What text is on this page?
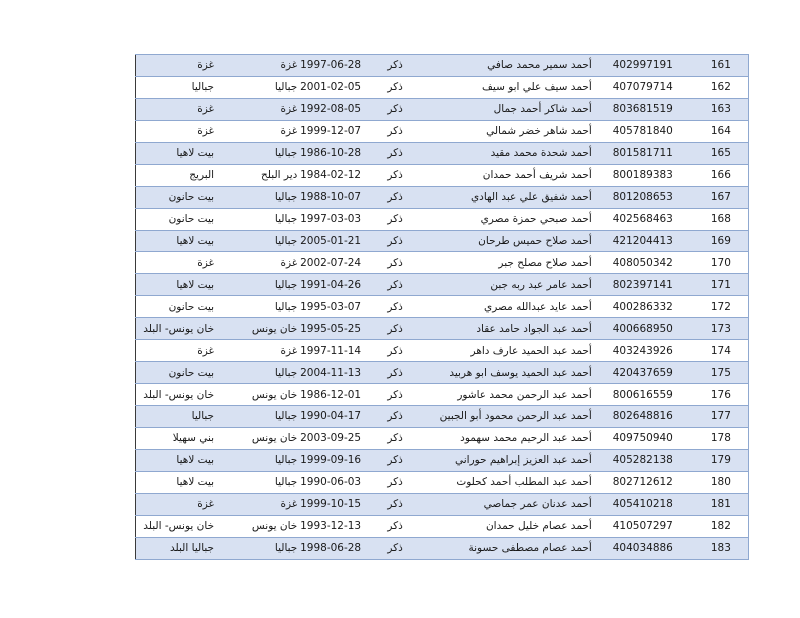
غزة	غزة	1997-06-28	ذكر	أحمد سمير محمد صافي	402997191	161
جباليا	جباليا	2001-02-05	ذكر	أحمد سيف علي ابو سيف	407079714	162
غزة	غزة	1992-08-05	ذكر	أحمد شاكر أحمد جمال	803681519	163
غزة	غزة	1999-12-07	ذكر	أحمد شاهر خضر شمالي	405781840	164
بيت لاهيا	جباليا	1986-10-28	ذكر	أحمد شحدة محمد مقيد	801581711	165
البريج	دير البلح	1984-02-12	ذكر	أحمد شريف أحمد حمدان	800189383	166
بيت حانون	جباليا	1988-10-07	ذكر	أحمد شفيق علي عبد الهادي	801208653	167
بيت حانون	جباليا	1997-03-03	ذكر	أحمد صبحي حمزة مصري	402568463	168
بيت لاهيا	جباليا	2005-01-21	ذكر	أحمد صلاح حميس طرحان	421204413	169
غزة	غزة	2002-07-24	ذكر	أحمد صلاح مصلح جبر	408050342	170
بيت لاهيا	جباليا	1991-04-26	ذكر	أحمد عامر عبد ربه جبن	802397141	171
بيت حانون	جباليا	1995-03-07	ذكر	أحمد عايد عبدالله مصري	400286332	172
خان يونس- البلد	خان يونس	1995-05-25	ذكر	أحمد عبد الجواد حامد عقاد	400668950	173
غزة	غزة	1997-11-14	ذكر	أحمد عبد الحميد عارف داهر	403243926	174
بيت حانون	جباليا	2004-11-13	ذكر	أحمد عبد الحميد يوسف ابو هربيد	420437659	175
خان يونس- البلد	خان يونس	1986-12-01	ذكر	أحمد عبد الرحمن محمد عاشور	800616559	176
جباليا	جباليا	1990-04-17	ذكر	أحمد عبد الرحمن محمود أبو الجبين	802648816	177
بني سهيلا	خان يونس	2003-09-25	ذكر	أحمد عبد الرحيم محمد سهمود	409750940	178
بيت لاهيا	جباليا	1999-09-16	ذكر	أحمد عبد العزيز إبراهيم حوراني	405282138	179
بيت لاهيا	جباليا	1990-06-03	ذكر	أحمد عبد المطلب أحمد كحلوت	802712612	180
غزة	غزة	1999-10-15	ذكر	أحمد عدنان عمر جماصي	405410218	181
خان يونس- البلد	خان يونس	1993-12-13	ذكر	أحمد عصام خليل حمدان	410507297	182
جباليا البلد	جباليا	1998-06-28	ذكر	أحمد عصام مصطفى حسونة	404034886	183
